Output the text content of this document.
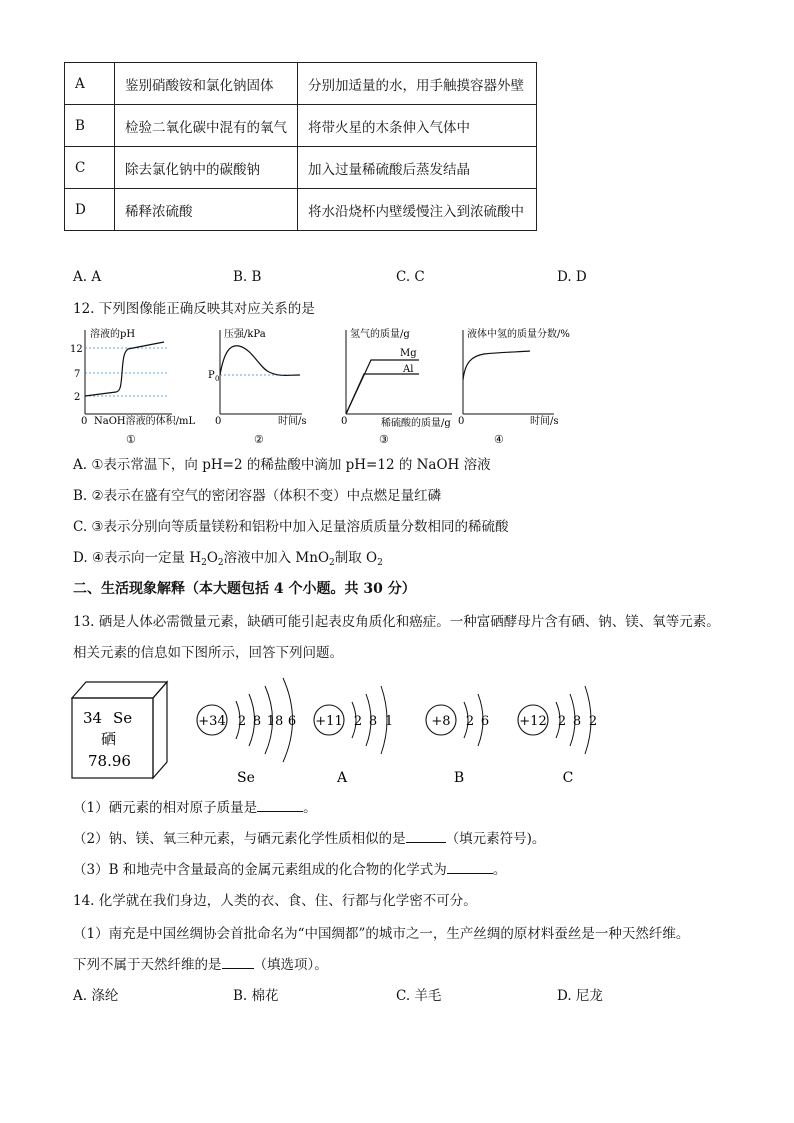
A	鉴别硝酸铵和氯化钠固体	分别加适量的水，用手触摸容器外壁
B	检验二氧化碳中混有的氧气	将带火星的木条伸入气体中
C	除去氯化钠中的碳酸钠	加入过量稀硫酸后蒸发结晶
D	稀释浓硫酸	将水沿烧杯内壁缓慢注入到浓硫酸中
A. A	B. B	C. C	D. D
12. 下列图像能正确反映其对应关系的是
溶液的pH
12
7
2
0 NaOH溶液的体积/mL
①
压强/kPa
P 0
0	时间/s
②
氢气的质量/g
Mg
Al
0	稀硫酸的质量/g
③
液体中氢的质量分数/%
0	时间/s
④
A. ①表示常温下，向 pH=2 的稀盐酸中滴加 pH=12 的 NaOH 溶液
B. ②表示在盛有空气的密闭容器（体积不变）中点燃足量红磷
C. ③表示分别向等质量镁粉和铝粉中加入足量溶质质量分数相同的稀硫酸
D. ④表示向一定量 $H_2O_2$溶液中加入 MnO$_2$制取 $O_2$
二、生活现象解释（本大题包括 4 个小题。共 30 分）
13. 硒是人体必需微量元素，缺硒可能引起表皮角质化和癌症。一种富硒酵母片含有硒、钠、镁、氧等元素。
相关元素的信息如下图所示，回答下列问题。
34 Se
硒
78.96
+34 2 8 18 6
Se
+11 2 8 1
A
+8 2 6
B
+12 2 8 2
C
（1）硒元素的相对原子质量是	。
（2）钠、镁、氧三种元素，与硒元素化学性质相似的是	（填元素符号)。
（3）B 和地壳中含量最高的金属元素组成的化合物的化学式为	。
14. 化学就在我们身边，人类的衣、食、住、行都与化学密不可分。
（1）南充是中国丝绸协会首批命名为“中国绸都”的城市之一，生产丝绸的原材料蚕丝是一种天然纤维。
下列不属于天然纤维的是 （填选项）。
A. 涤纶	B. 棉花	C. 羊毛	D. 尼龙
